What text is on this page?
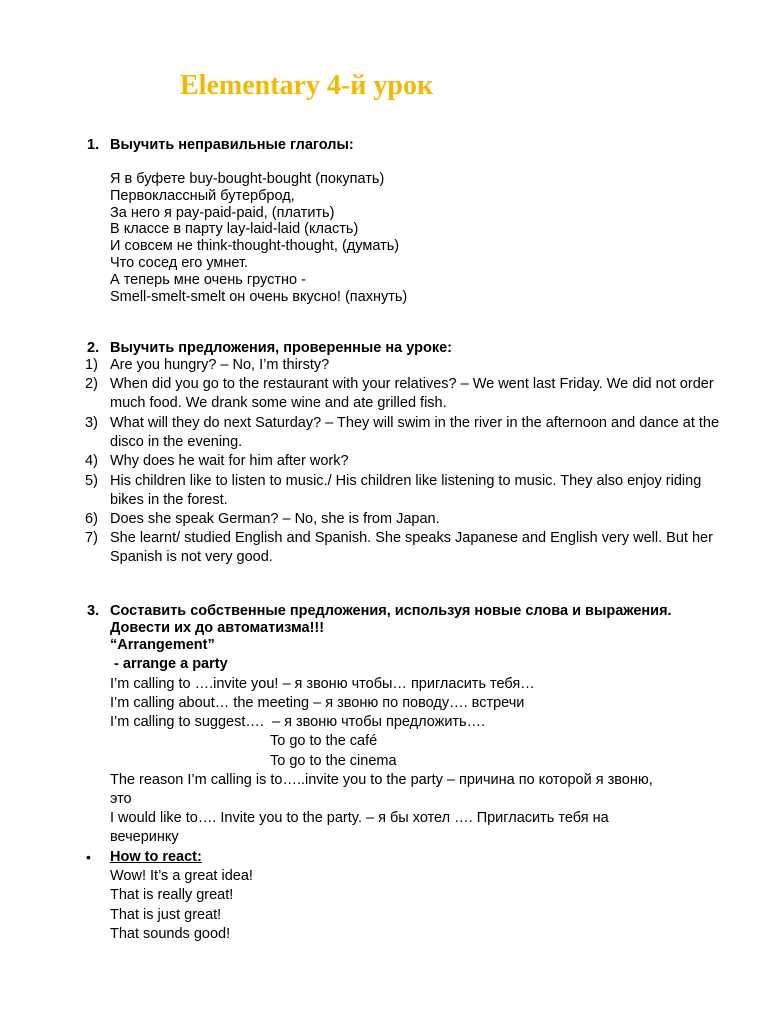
Elementary 4-й урок
1. Выучить неправильные глаголы:
Я в буфете buy-bought-bought (покупать)
Первоклассный бутерброд,
За него я pay-paid-paid, (платить)
В классе в парту lay-laid-laid (класть)
И совсем не think-thought-thought, (думать)
Что сосед его умнет.
А теперь мне очень грустно -
Smell-smelt-smelt он очень вкусно! (пахнуть)
2. Выучить предложения, проверенные на уроке:
1) Are you hungry? – No, I’m thirsty?
2) When did you go to the restaurant with your relatives? – We went last Friday. We did not order much food. We drank some wine and ate grilled fish.
3) What will they do next Saturday? – They will swim in the river in the afternoon and dance at the disco in the evening.
4) Why does he wait for him after work?
5) His children like to listen to music./ His children like listening to music. They also enjoy riding bikes in the forest.
6) Does she speak German? – No, she is from Japan.
7) She learnt/ studied English and Spanish. She speaks Japanese and English very well. But her Spanish is not very good.
3. Составить собственные предложения, используя новые слова и выражения.
Довести их до автоматизма!!!
“Arrangement”
- arrange a party
I’m calling to ….invite you! – я звоню чтобы… пригласить тебя…
I’m calling about… the meeting – я звоню по поводу…. встречи
I’m calling to suggest….  – я звоню чтобы предложить….
To go to the café
To go to the cinema
The reason I’m calling is to…..invite you to the party – причина по которой я звоню,
это
I would like to…. Invite you to the party. – я бы хотел …. Пригласить тебя на
вечеринку
• How to react:
Wow! It’s a great idea!
That is really great!
That is just great!
That sounds good!
